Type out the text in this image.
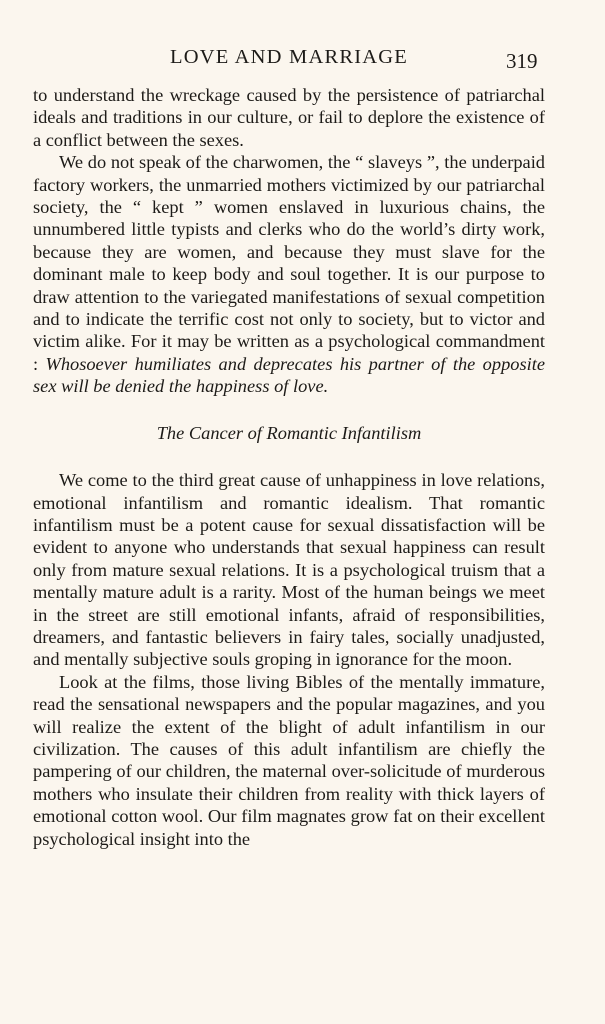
LOVE AND MARRIAGE	319

to understand the wreckage caused by the persistence of patriarchal ideals and traditions in our culture, or fail to deplore the existence of a conflict between the sexes.

We do not speak of the charwomen, the “ slaveys ”, the underpaid factory workers, the unmarried mothers victimized by our patriarchal society, the “ kept ” women enslaved in luxurious chains, the unnumbered little typists and clerks who do the world’s dirty work, because they are women, and because they must slave for the dominant male to keep body and soul together. It is our purpose to draw attention to the variegated manifestations of sexual competition and to indicate the terrific cost not only to society, but to victor and victim alike. For it may be written as a psychological commandment : Whosoever humiliates and deprecates his partner of the opposite sex will be denied the happiness of love.

The Cancer of Romantic Infantilism

We come to the third great cause of unhappiness in love relations, emotional infantilism and romantic idealism. That romantic infantilism must be a potent cause for sexual dissatisfaction will be evident to anyone who understands that sexual happiness can result only from mature sexual relations. It is a psychological truism that a mentally mature adult is a rarity. Most of the human beings we meet in the street are still emotional infants, afraid of responsibilities, dreamers, and fantastic believers in fairy tales, socially unadjusted, and mentally subjective souls groping in ignorance for the moon.

Look at the films, those living Bibles of the mentally immature, read the sensational newspapers and the popular magazines, and you will realize the extent of the blight of adult infantilism in our civilization. The causes of this adult infantilism are chiefly the pampering of our children, the maternal over-solicitude of murderous mothers who insulate their children from reality with thick layers of emotional cotton wool. Our film magnates grow fat on their excellent psychological insight into the
